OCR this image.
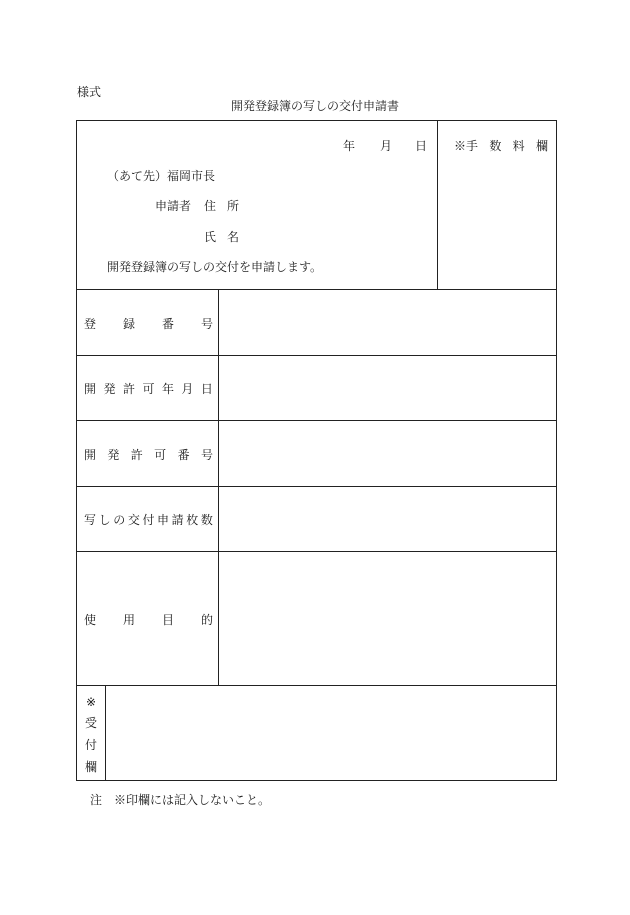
様式
開発登録簿の写しの交付申請書
年 月 日 ※手 数 料 欄
（あて先）福岡市長
申請者 住 所
氏 名
開発登録簿の写しの交付を申請します。
登 録 番 号
開 発 許 可 年 月 日
開 発 許 可 番 号
写 し の 交 付 申 請 枚 数
使 用 目 的
※
受
付
欄
注　※印欄には記入しないこと。
